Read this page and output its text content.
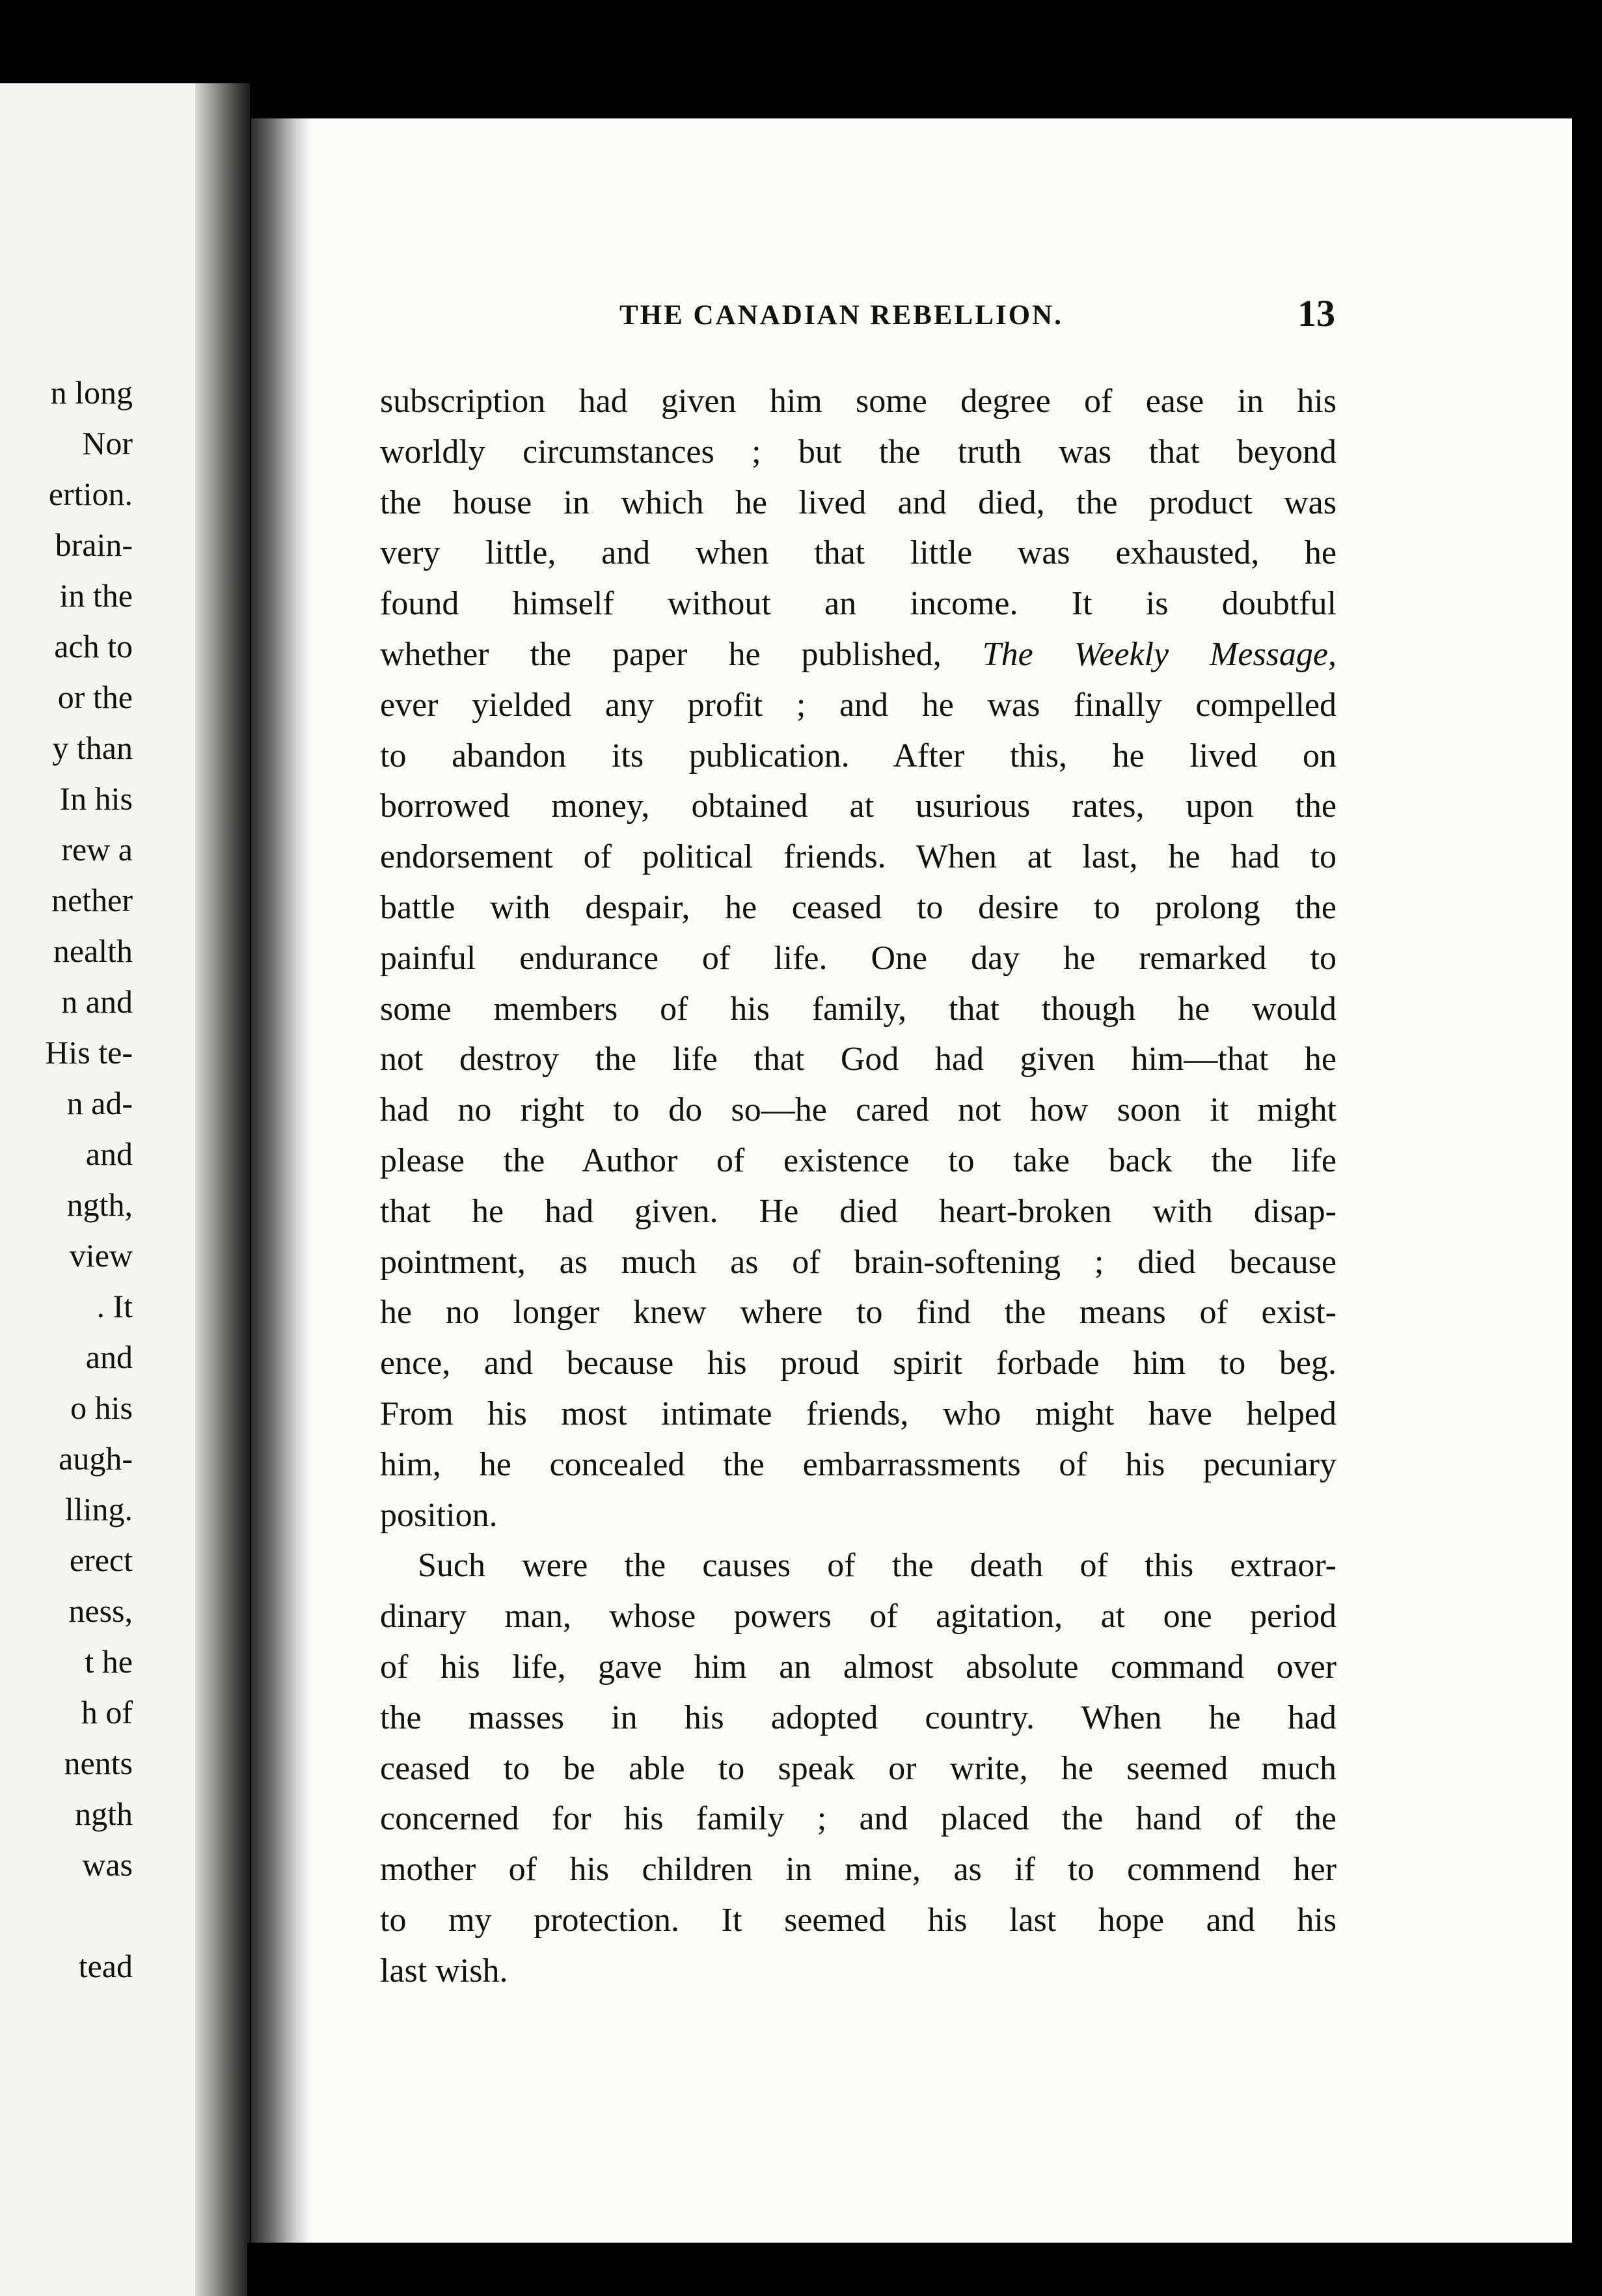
n long
Nor
ertion.
brain-
in the
ach to
or the
y than
In his
rew a
nether
nealth
n and
His te-
n ad-
and
ngth,
view
. It
and
o his
augh-
lling.
erect
ness,
t he
h of
nents
ngth
was
tead
THE CANADIAN REBELLION.	13
subscription had given him some degree of ease in his
worldly circumstances ; but the truth was that beyond
the house in which he lived and died, the product was
very little, and when that little was exhausted, he
found himself without an income. It is doubtful
whether the paper he published, The Weekly Message,
ever yielded any profit ; and he was finally compelled
to abandon its publication. After this, he lived on
borrowed money, obtained at usurious rates, upon the
endorsement of political friends. When at last, he had to
battle with despair, he ceased to desire to prolong the
painful endurance of life. One day he remarked to
some members of his family, that though he would
not destroy the life that God had given him—that he
had no right to do so—he cared not how soon it might
please the Author of existence to take back the life
that he had given. He died heart-broken with disap-
pointment, as much as of brain-softening ; died because
he no longer knew where to find the means of exist-
ence, and because his proud spirit forbade him to beg.
From his most intimate friends, who might have helped
him, he concealed the embarrassments of his pecuniary
position.
Such were the causes of the death of this extraor-
dinary man, whose powers of agitation, at one period
of his life, gave him an almost absolute command over
the masses in his adopted country. When he had
ceased to be able to speak or write, he seemed much
concerned for his family ; and placed the hand of the
mother of his children in mine, as if to commend her
to my protection. It seemed his last hope and his
last wish.
